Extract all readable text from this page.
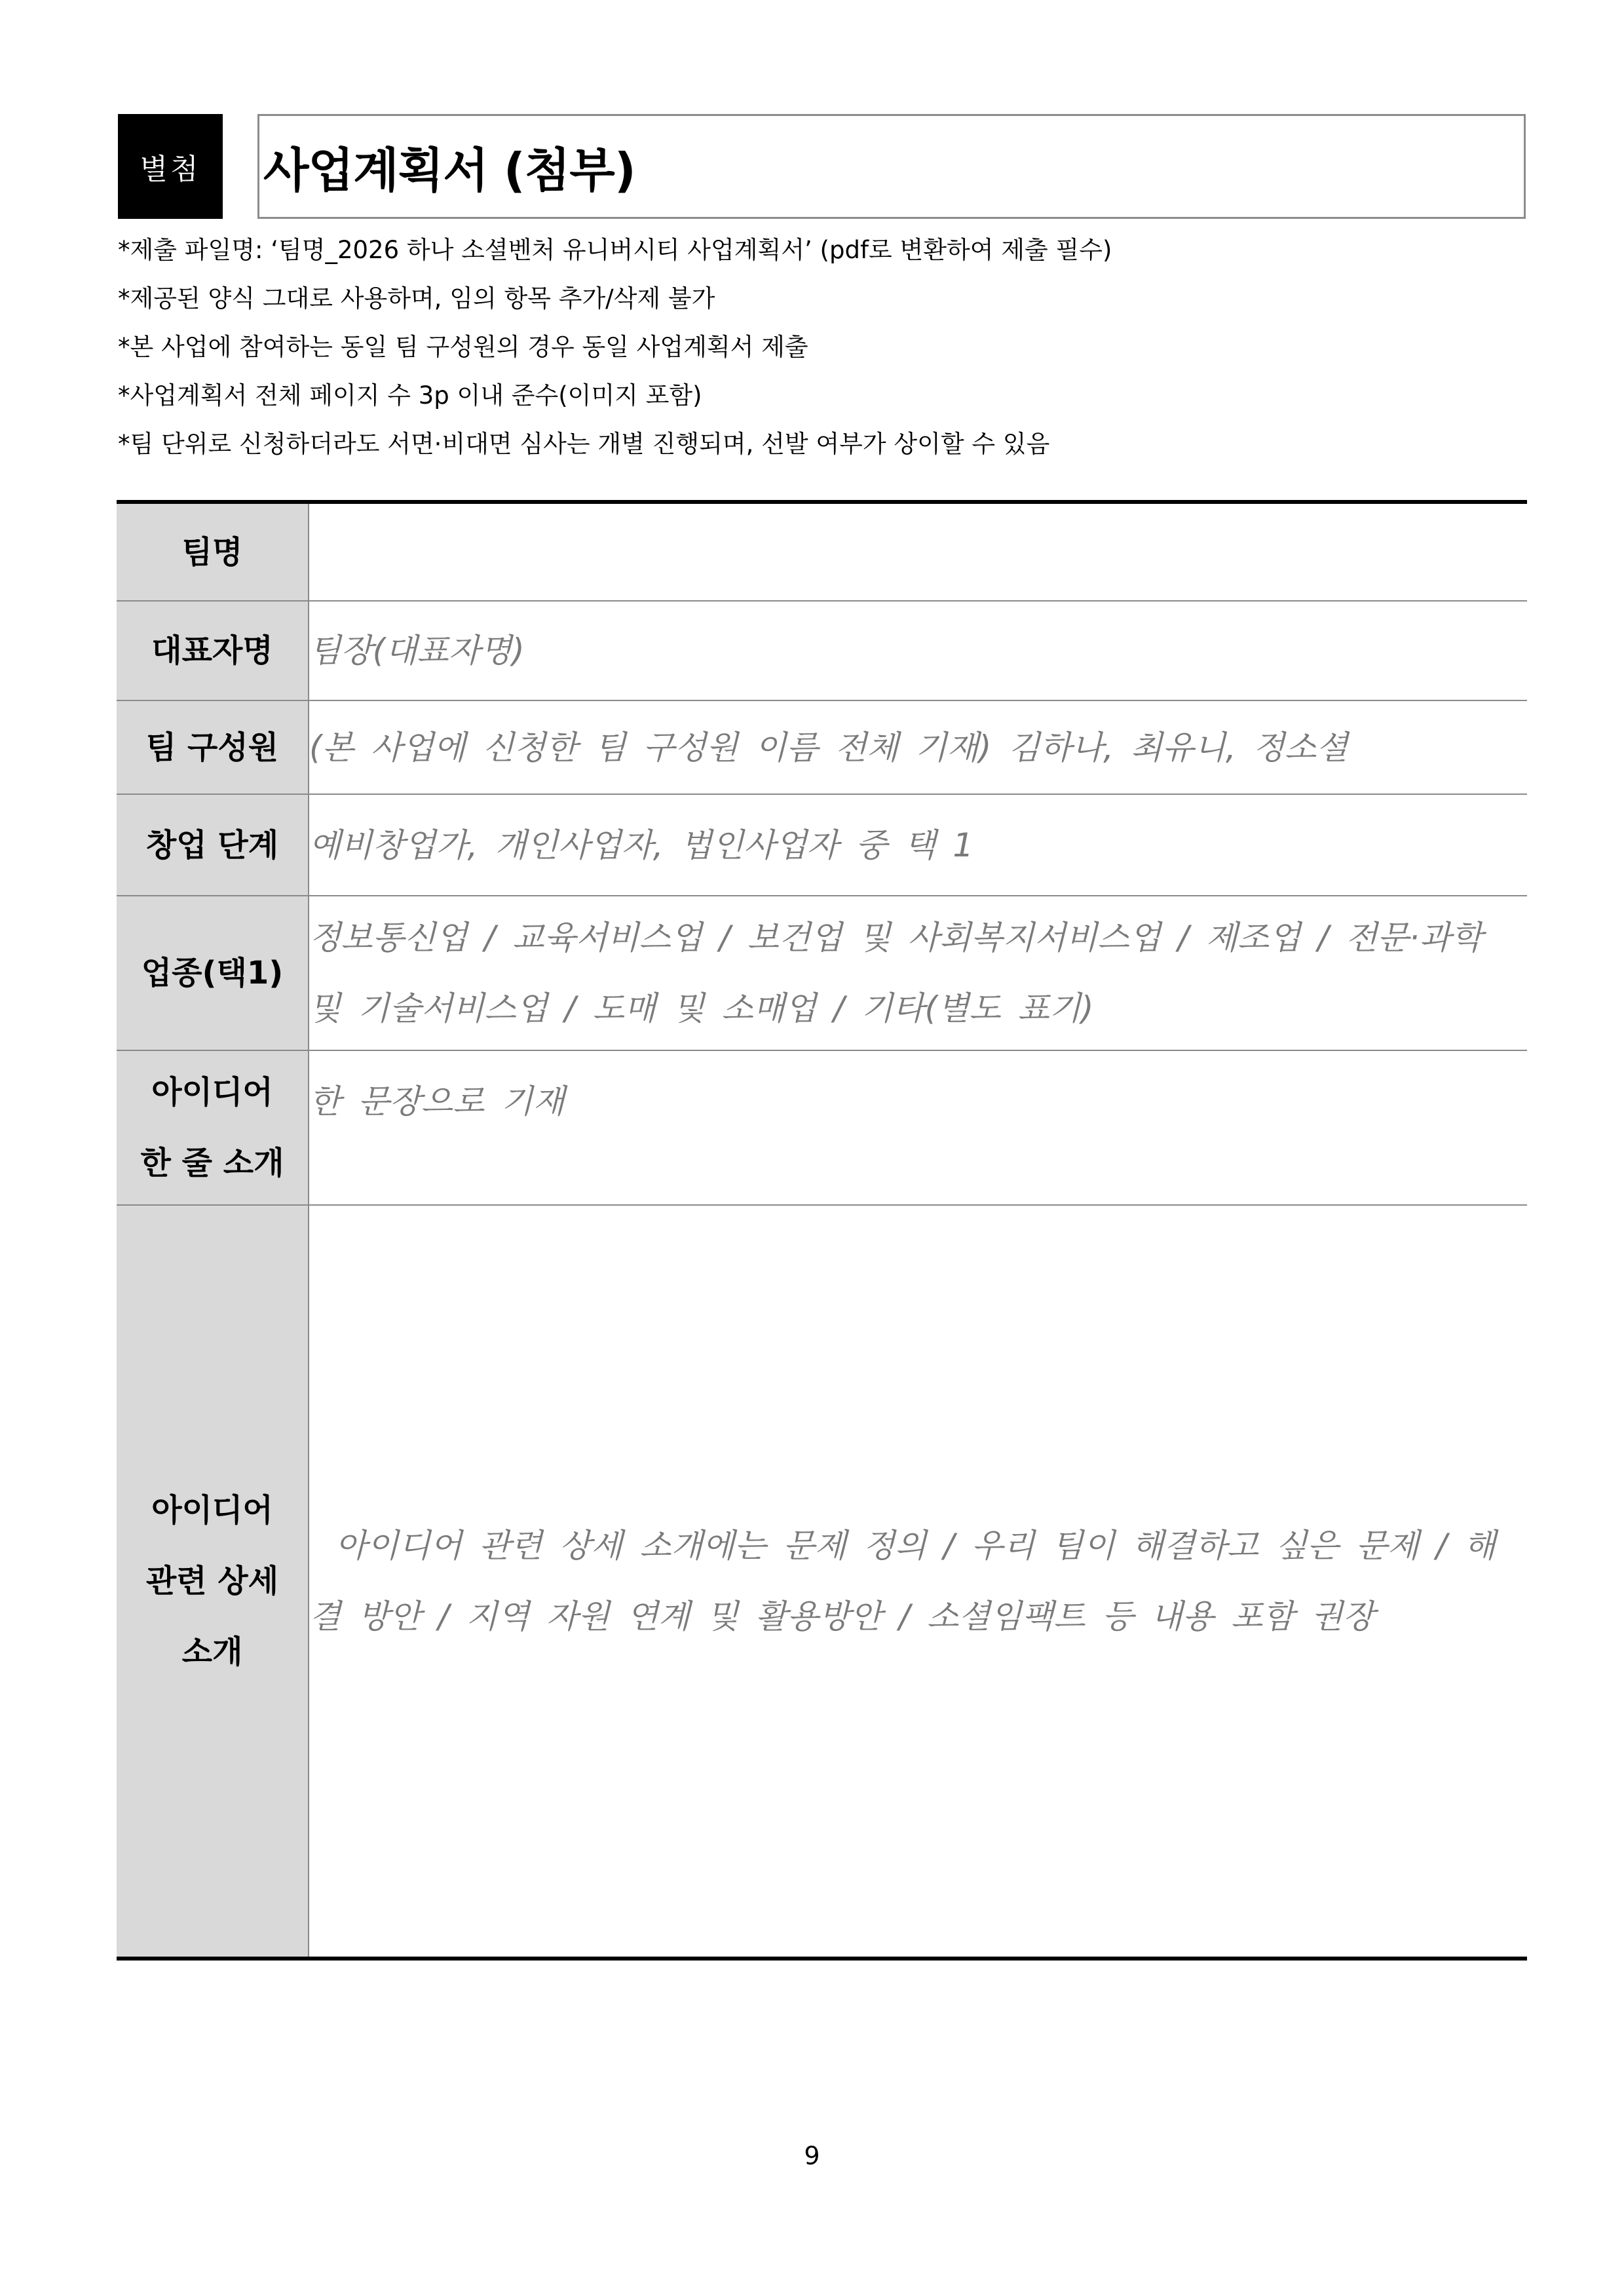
별첨	사업계획서 (첨부)
*제출 파일명: ‘팀명_2026 하나 소셜벤처 유니버시티 사업계획서’ (pdf로 변환하여 제출 필수)
*제공된 양식 그대로 사용하며, 임의 항목 추가/삭제 불가
*본 사업에 참여하는 동일 팀 구성원의 경우 동일 사업계획서 제출
*사업계획서 전체 페이지 수 3p 이내 준수(이미지 포함)
*팀 단위로 신청하더라도 서면·비대면 심사는 개별 진행되며, 선발 여부가 상이할 수 있음
팀명	
대표자명	팀장(대표자명)
팀 구성원	(본 사업에 신청한 팀 구성원 이름 전체 기재) 김하나, 최유니, 정소셜
창업 단계	예비창업가, 개인사업자, 법인사업자 중 택 1
업종(택1)	정보통신업 / 교육서비스업 / 보건업 및 사회복지서비스업 / 제조업 / 전문·과학 및 기술서비스업 / 도매 및 소매업 / 기타(별도 표기)

아이디어
한 줄 소개	한 문장으로 기재

아이디어
관련 상세
소개	아이디어 관련 상세 소개에는 문제 정의 / 우리 팀이 해결하고 싶은 문제 / 해결 방안 / 지역 자원 연계 및 활용방안 / 소셜임팩트 등 내용 포함 권장
9
